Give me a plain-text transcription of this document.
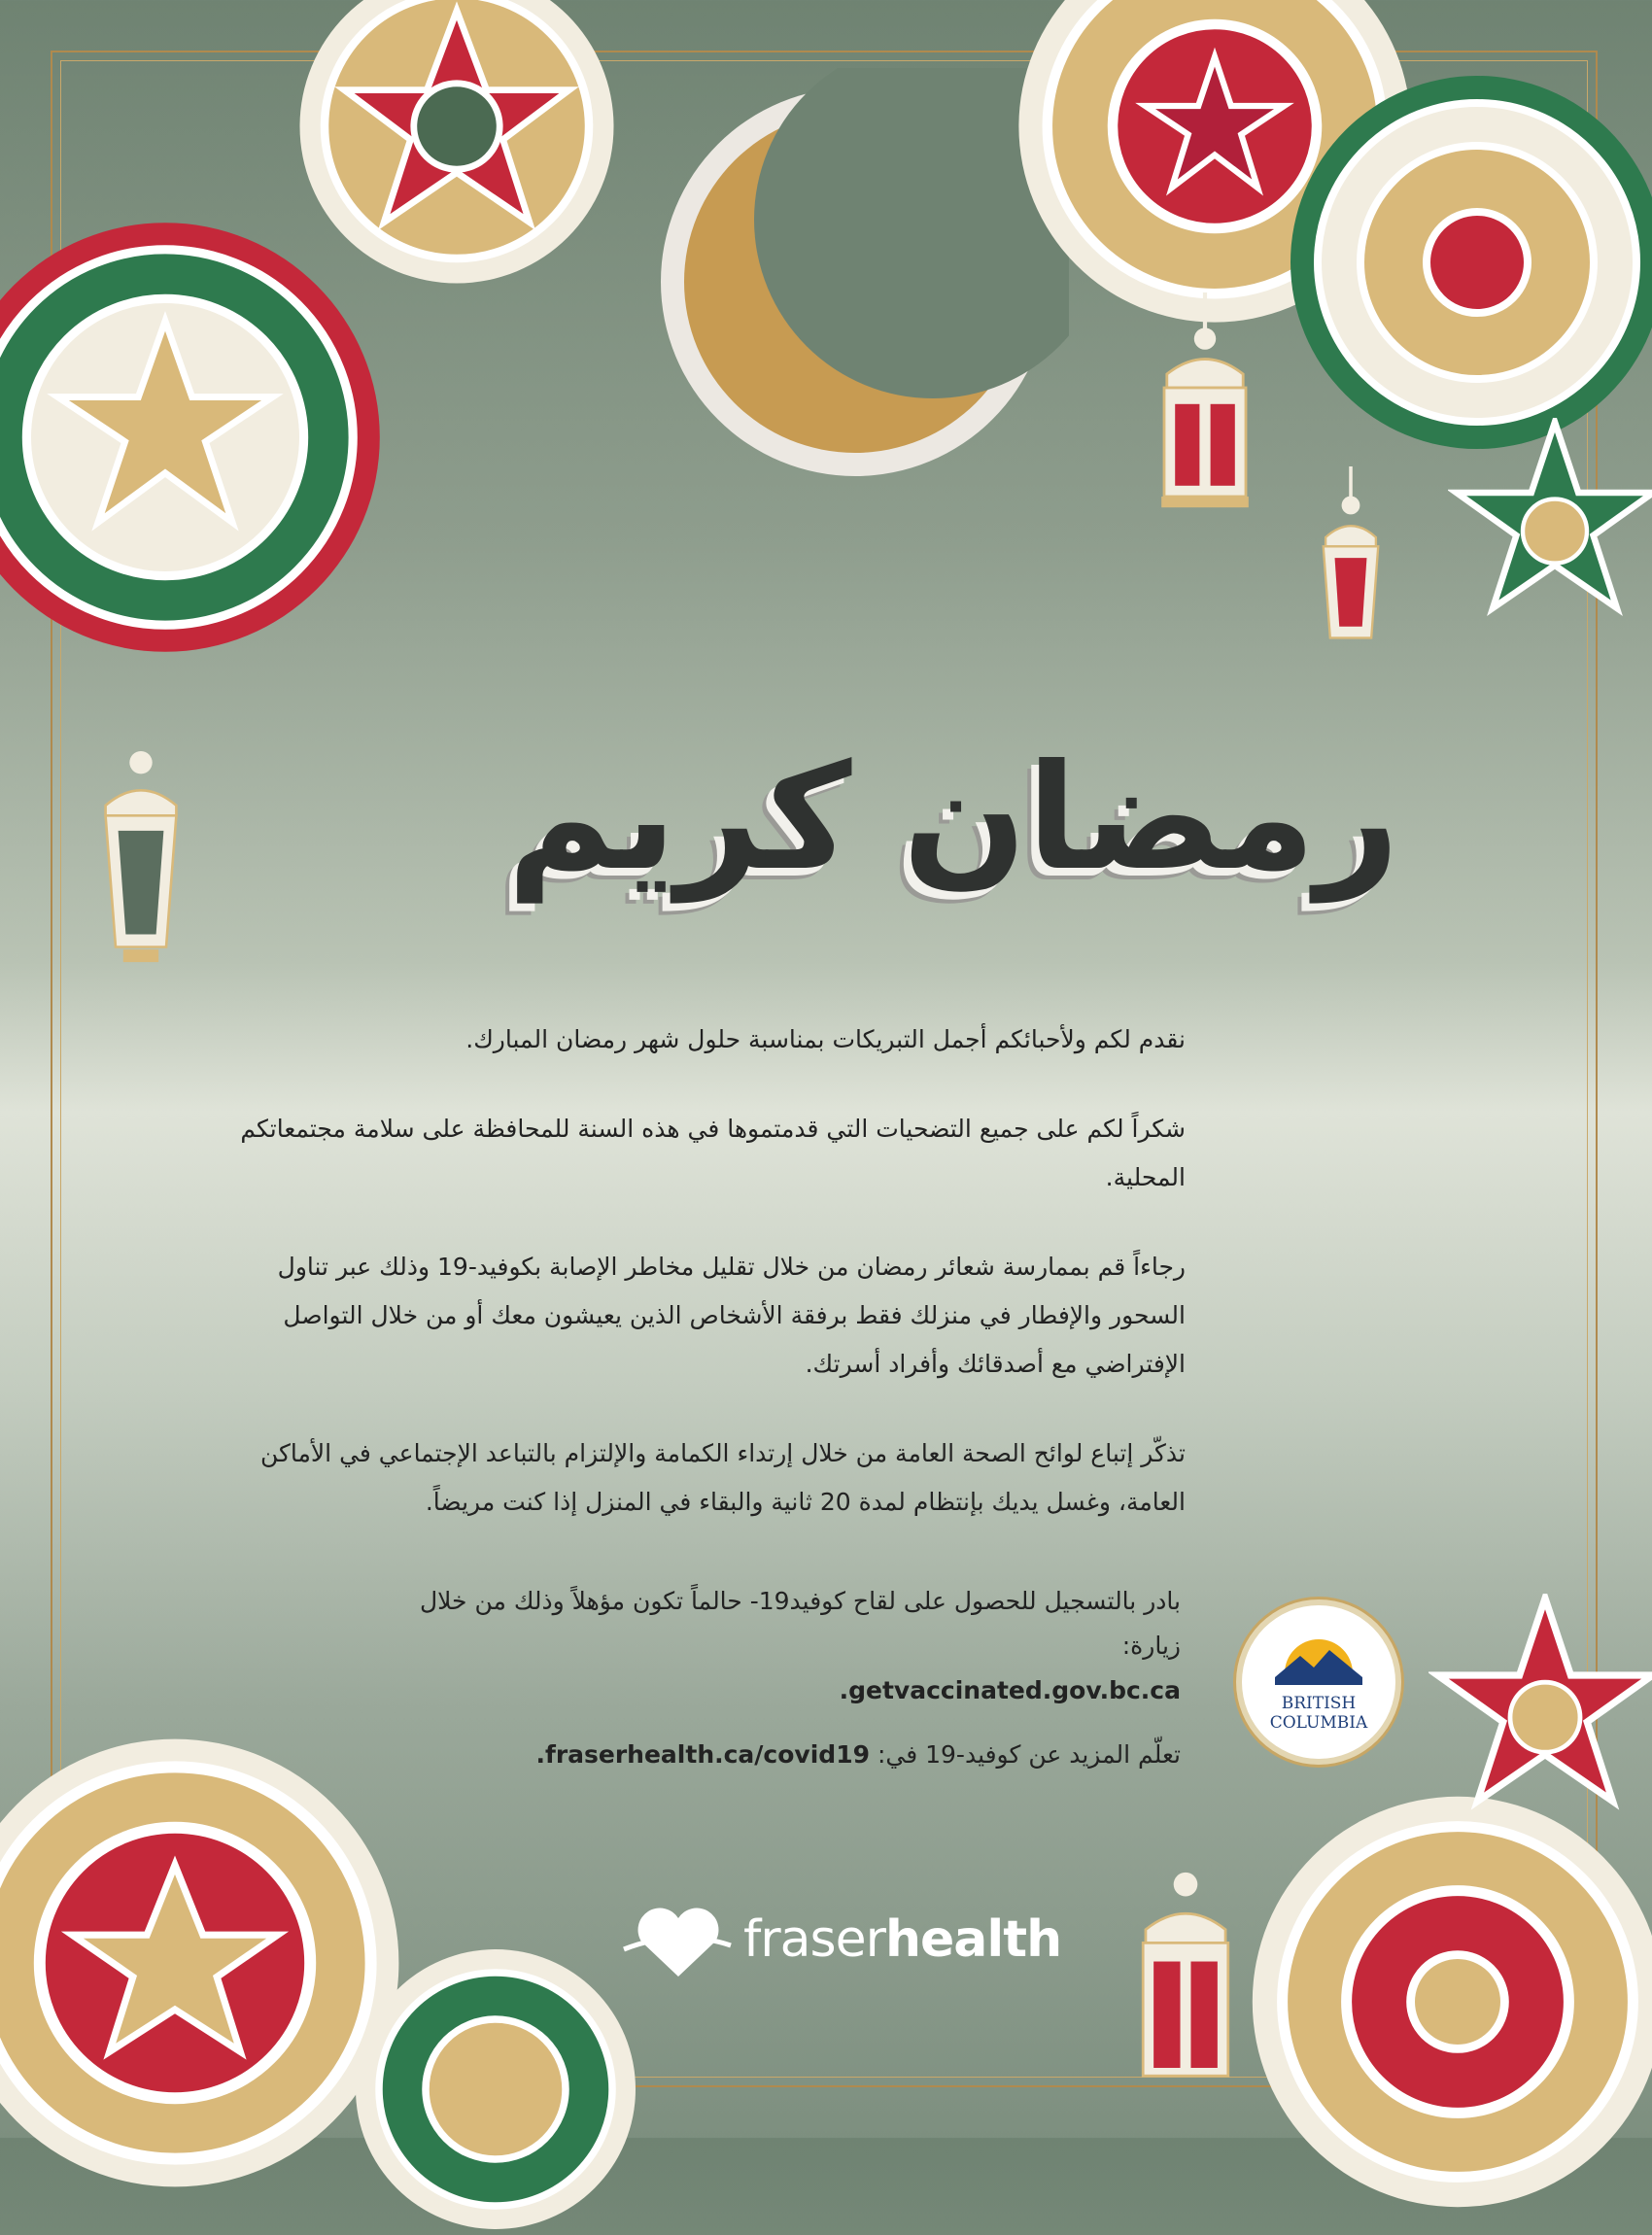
رمضان كريم

نقدم لكم ولأحبائكم أجمل التبريكات بمناسبة حلول شهر رمضان المبارك.

شكراً لكم على جميع التضحيات التي قدمتموها في هذه السنة للمحافظة على سلامة مجتمعاتكم المحلية.

رجاءاً قم بممارسة شعائر رمضان من خلال تقليل مخاطر الإصابة بكوفيد-19 وذلك عبر تناول السحور والإفطار في منزلك فقط برفقة الأشخاص الذين يعيشون معك أو من خلال التواصل الإفتراضي مع أصدقائك وأفراد أسرتك.

تذكّر إتباع لوائح الصحة العامة من خلال إرتداء الكمامة والإلتزام بالتباعد الإجتماعي في الأماكن العامة، وغسل يديك بإنتظام لمدة 20 ثانية والبقاء في المنزل إذا كنت مريضاً.

بادر بالتسجيل للحصول على لقاح كوفيد19- حالماً تكون مؤهلاً وذلك من خلال زيارة:
getvaccinated.gov.bc.ca.

تعلّم المزيد عن كوفيد-19 في: fraserhealth.ca/covid19.

BRITISH
COLUMBIA
fraserhealth
